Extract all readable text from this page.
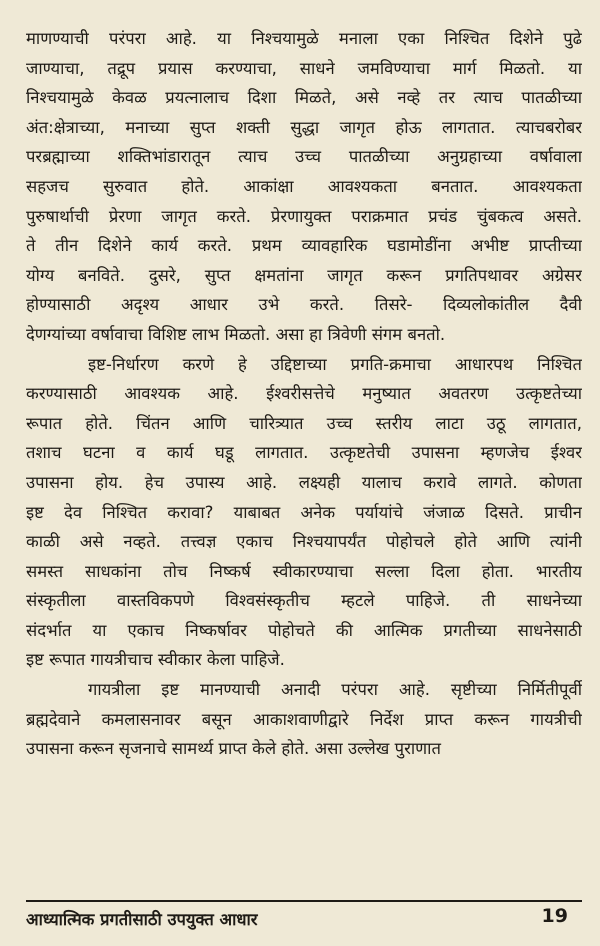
माणण्याची परंपरा आहे. या निश्चयामुळे मनाला एका निश्चित दिशेने पुढे
जाण्याचा, तद्रूप प्रयास करण्याचा, साधने जमविण्याचा मार्ग मिळतो. या
निश्चयामुळे केवळ प्रयत्नालाच दिशा मिळते, असे नव्हे तर त्याच पातळीच्या
अंत:क्षेत्राच्या, मनाच्या सुप्त शक्ती सुद्धा जागृत होऊ लागतात. त्याचबरोबर
परब्रह्माच्या शक्तिभांडारातून त्याच उच्च पातळीच्या अनुग्रहाच्या वर्षावाला
सहजच सुरुवात होते. आकांक्षा आवश्यकता बनतात. आवश्यकता
पुरुषार्थाची प्रेरणा जागृत करते. प्रेरणायुक्त पराक्रमात प्रचंड चुंबकत्व असते.
ते तीन दिशेने कार्य करते. प्रथम व्यावहारिक घडामोडींना अभीष्ट प्राप्तीच्या
योग्य बनविते. दुसरे, सुप्त क्षमतांना जागृत करून प्रगतिपथावर अग्रेसर
होण्यासाठी अदृश्य आधार उभे करते. तिसरे- दिव्यलोकांतील दैवी
देणग्यांच्या वर्षावाचा विशिष्ट लाभ मिळतो. असा हा त्रिवेणी संगम बनतो.
इष्ट-निर्धारण करणे हे उद्दिष्टाच्या प्रगति-क्रमाचा आधारपथ निश्चित
करण्यासाठी आवश्यक आहे. ईश्वरीसत्तेचे मनुष्यात अवतरण उत्कृष्टतेच्या
रूपात होते. चिंतन आणि चारित्र्यात उच्च स्तरीय लाटा उठू लागतात,
तशाच घटना व कार्य घडू लागतात. उत्कृष्टतेची उपासना म्हणजेच ईश्वर
उपासना होय. हेच उपास्य आहे. लक्ष्यही यालाच करावे लागते. कोणता
इष्ट देव निश्चित करावा? याबाबत अनेक पर्यायांचे जंजाळ दिसते. प्राचीन
काळी असे नव्हते. तत्त्वज्ञ एकाच निश्चयापर्यंत पोहोचले होते आणि त्यांनी
समस्त साधकांना तोच निष्कर्ष स्वीकारण्याचा सल्ला दिला होता. भारतीय
संस्कृतीला वास्तविकपणे विश्वसंस्कृतीच म्हटले पाहिजे. ती साधनेच्या
संदर्भात या एकाच निष्कर्षावर पोहोचते की आत्मिक प्रगतीच्या साधनेसाठी
इष्ट रूपात गायत्रीचाच स्वीकार केला पाहिजे.
गायत्रीला इष्ट मानण्याची अनादी परंपरा आहे. सृष्टीच्या निर्मितीपूर्वी
ब्रह्मदेवाने कमलासनावर बसून आकाशवाणीद्वारे निर्देश प्राप्त करून गायत्रीची
उपासना करून सृजनाचे सामर्थ्य प्राप्त केले होते. असा उल्लेख पुराणात
आध्यात्मिक प्रगतीसाठी उपयुक्त आधार	19
